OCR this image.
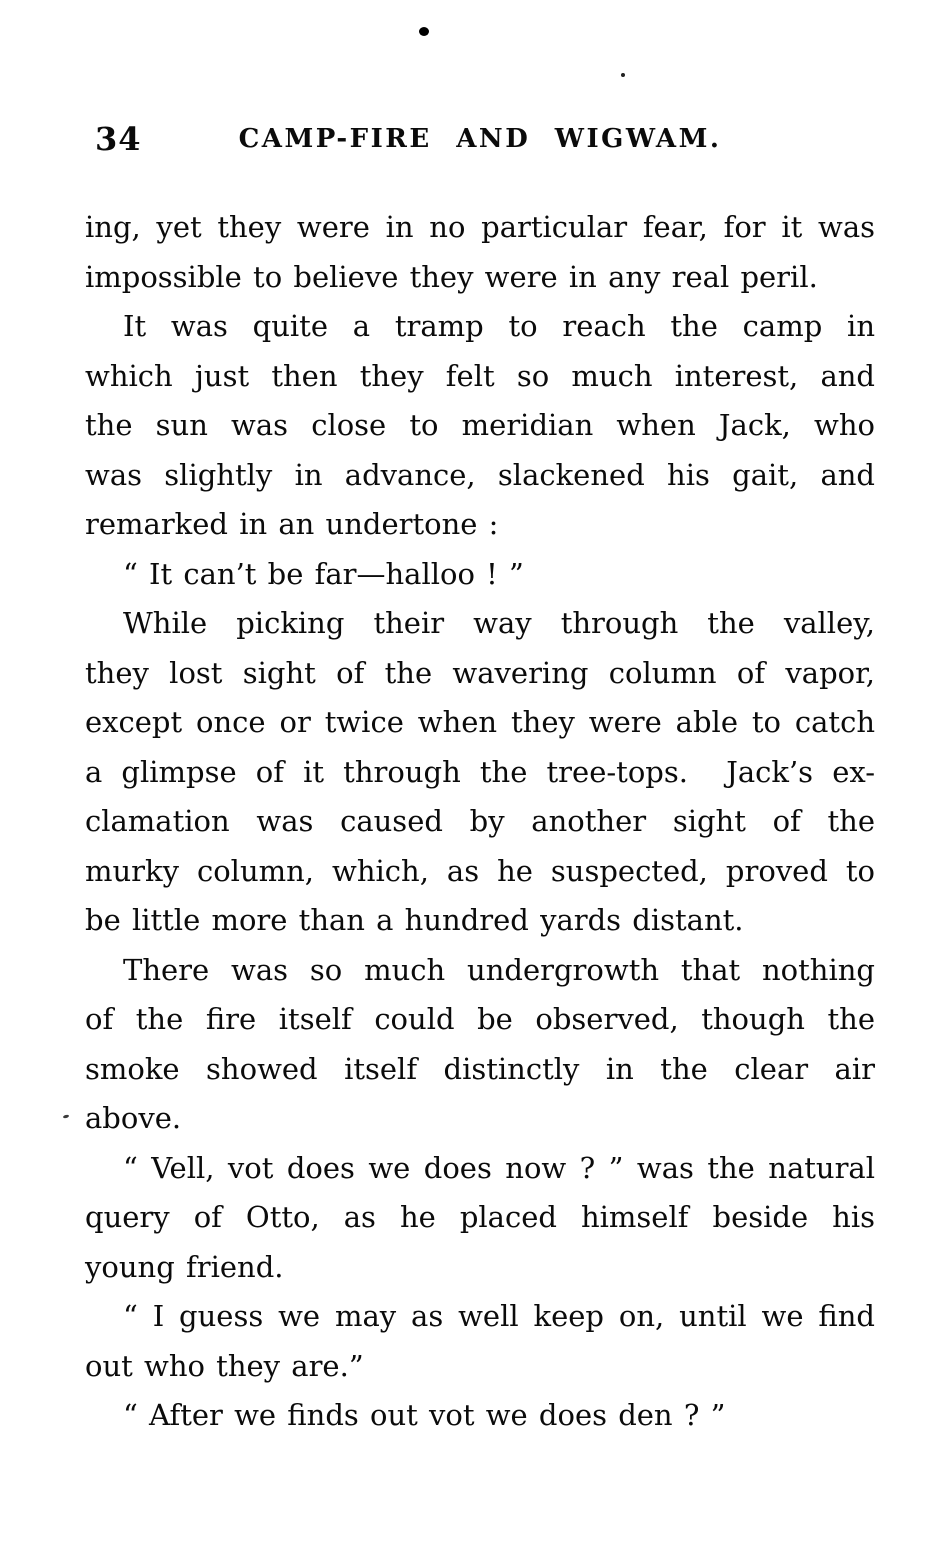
CAMP-FIRE AND WIGWAM.
34
ing, yet they were in no particular fear, for it was
impossible to believe they were in any real peril.
It was quite a tramp to reach the camp in
which just then they felt so much interest, and
the sun was close to meridian when Jack, who
was slightly in advance, slackened his gait, and
remarked in an undertone :
“ It can’t be far—halloo ! ”
While picking their way through the valley,
they lost sight of the wavering column of vapor,
except once or twice when they were able to catch
a glimpse of it through the tree-tops.  Jack’s ex-
clamation was caused by another sight of the
murky column, which, as he suspected, proved to
be little more than a hundred yards distant.
There was so much undergrowth that nothing
of the fire itself could be observed, though the
smoke showed itself distinctly in the clear air
above.
“ Vell, vot does we does now ? ” was the natural
query of Otto, as he placed himself beside his
young friend.
“ I guess we may as well keep on, until we find
out who they are.”
“ After we finds out vot we does den ? ”
